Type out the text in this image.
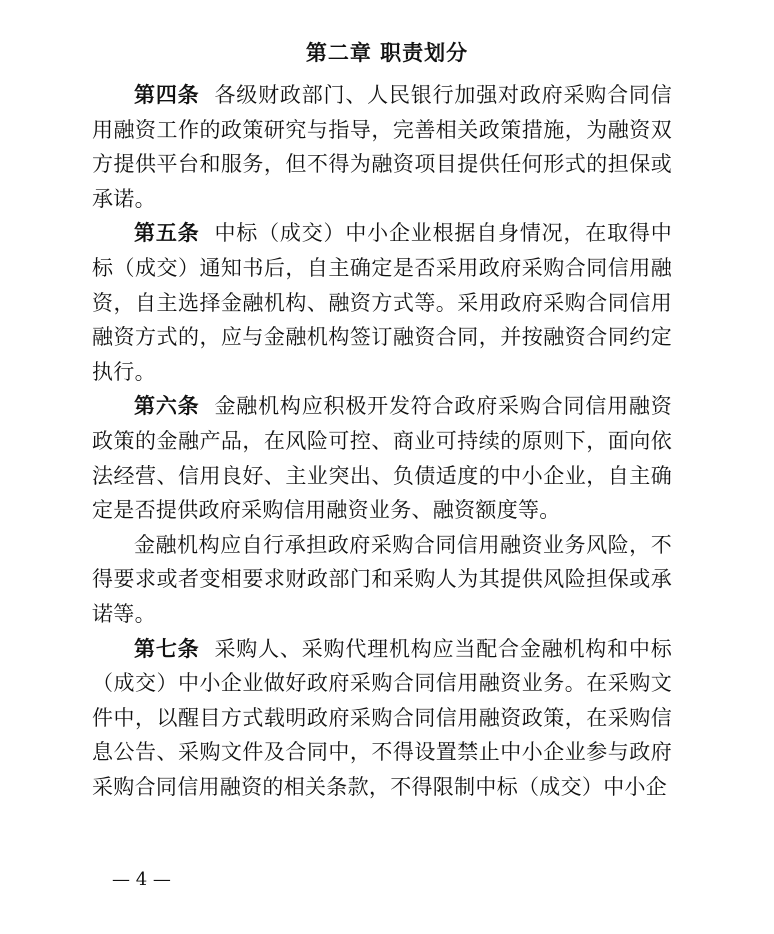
第二章 职责划分

第四条 各级财政部门、人民银行加强对政府采购合同信用融资工作的政策研究与指导，完善相关政策措施，为融资双方提供平台和服务，但不得为融资项目提供任何形式的担保或承诺。

第五条 中标（成交）中小企业根据自身情况，在取得中标（成交）通知书后，自主确定是否采用政府采购合同信用融资，自主选择金融机构、融资方式等。采用政府采购合同信用融资方式的，应与金融机构签订融资合同，并按融资合同约定执行。

第六条 金融机构应积极开发符合政府采购合同信用融资政策的金融产品，在风险可控、商业可持续的原则下，面向依法经营、信用良好、主业突出、负债适度的中小企业，自主确定是否提供政府采购信用融资业务、融资额度等。

金融机构应自行承担政府采购合同信用融资业务风险，不得要求或者变相要求财政部门和采购人为其提供风险担保或承诺等。

第七条 采购人、采购代理机构应当配合金融机构和中标（成交）中小企业做好政府采购合同信用融资业务。在采购文件中，以醒目方式载明政府采购合同信用融资政策，在采购信息公告、采购文件及合同中，不得设置禁止中小企业参与政府采购合同信用融资的相关条款，不得限制中标（成交）中小企

— 4 —
